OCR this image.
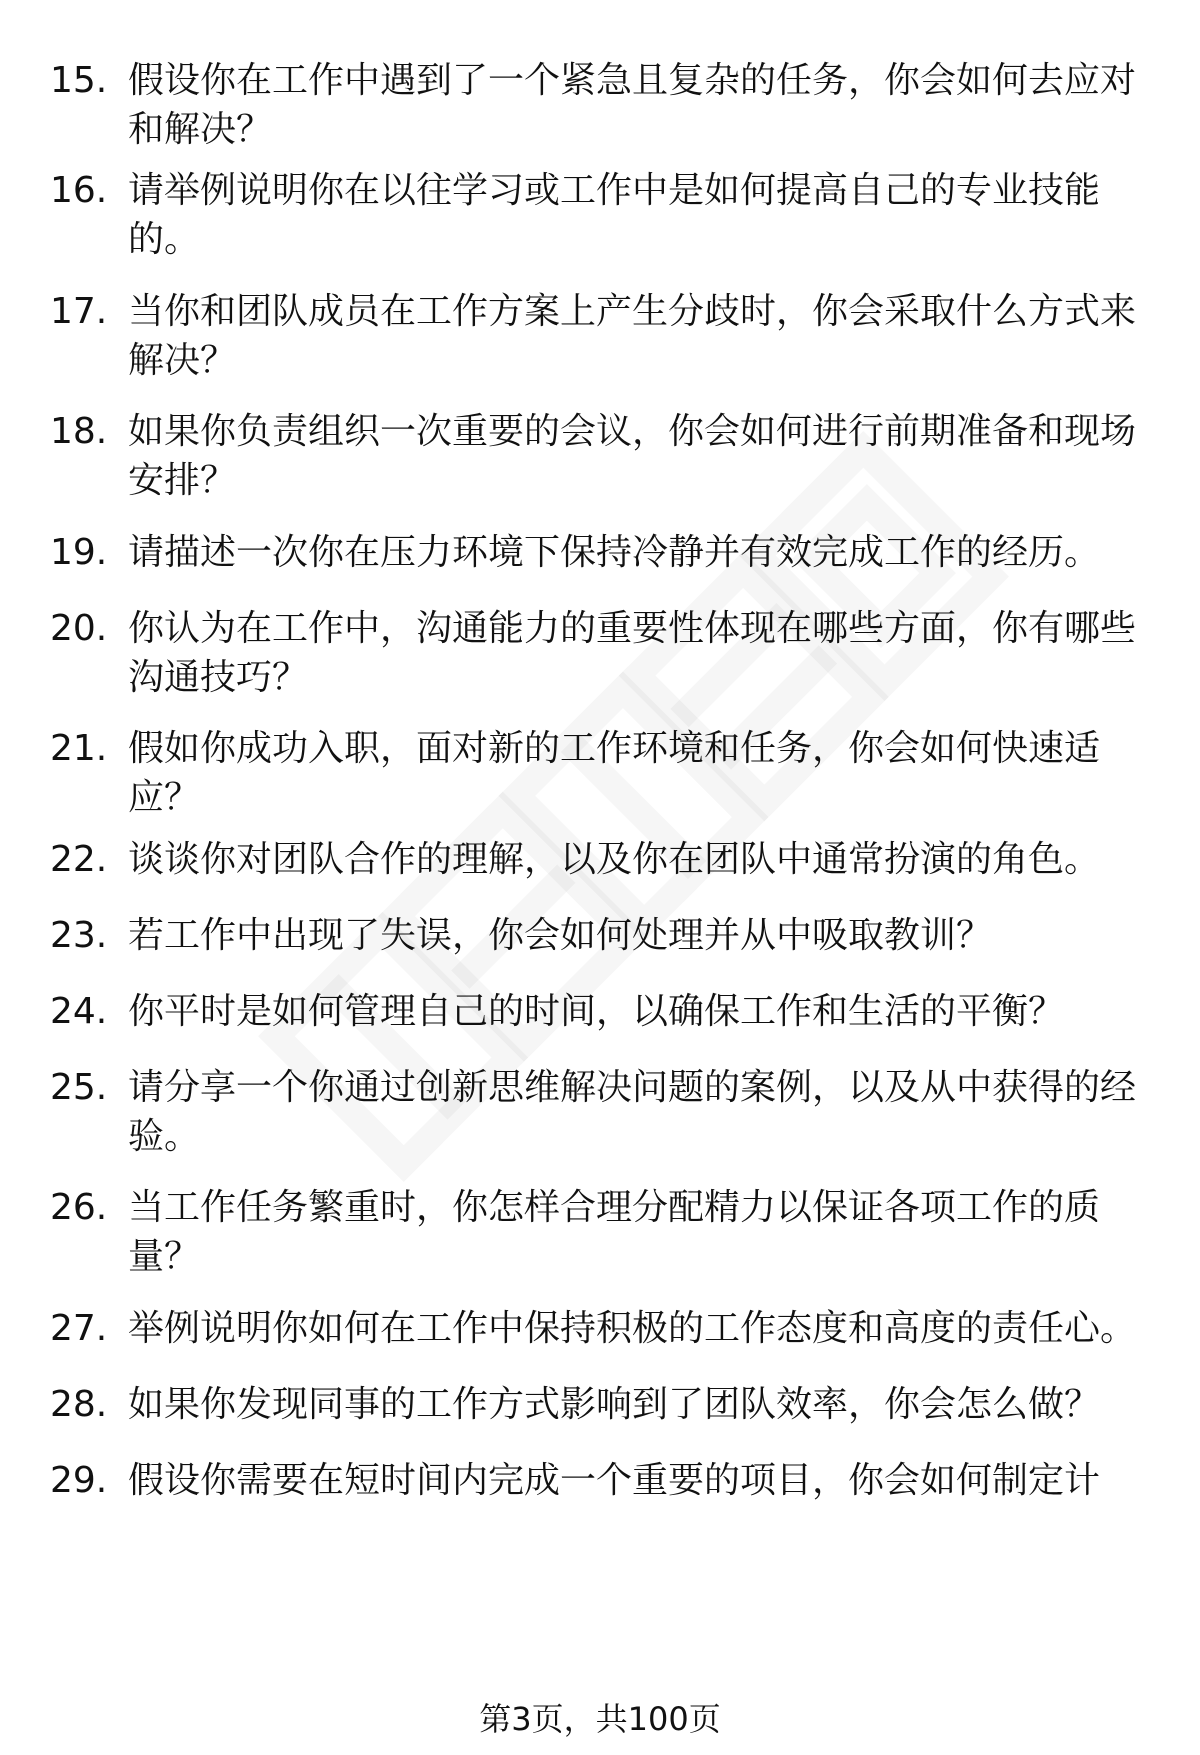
15. 假设你在工作中遇到了一个紧急且复杂的任务，你会如何去应对和解决？
16. 请举例说明你在以往学习或工作中是如何提高自己的专业技能的。
17. 当你和团队成员在工作方案上产生分歧时，你会采取什么方式来解决？
18. 如果你负责组织一次重要的会议，你会如何进行前期准备和现场安排？
19. 请描述一次你在压力环境下保持冷静并有效完成工作的经历。
20. 你认为在工作中，沟通能力的重要性体现在哪些方面，你有哪些沟通技巧？
21. 假如你成功入职，面对新的工作环境和任务，你会如何快速适应？
22. 谈谈你对团队合作的理解，以及你在团队中通常扮演的角色。
23. 若工作中出现了失误，你会如何处理并从中吸取教训？
24. 你平时是如何管理自己的时间，以确保工作和生活的平衡？
25. 请分享一个你通过创新思维解决问题的案例，以及从中获得的经验。
26. 当工作任务繁重时，你怎样合理分配精力以保证各项工作的质量？
27. 举例说明你如何在工作中保持积极的工作态度和高度的责任心。
28. 如果你发现同事的工作方式影响到了团队效率，你会怎么做？
29. 假设你需要在短时间内完成一个重要的项目，你会如何制定计
第3页，共100页
